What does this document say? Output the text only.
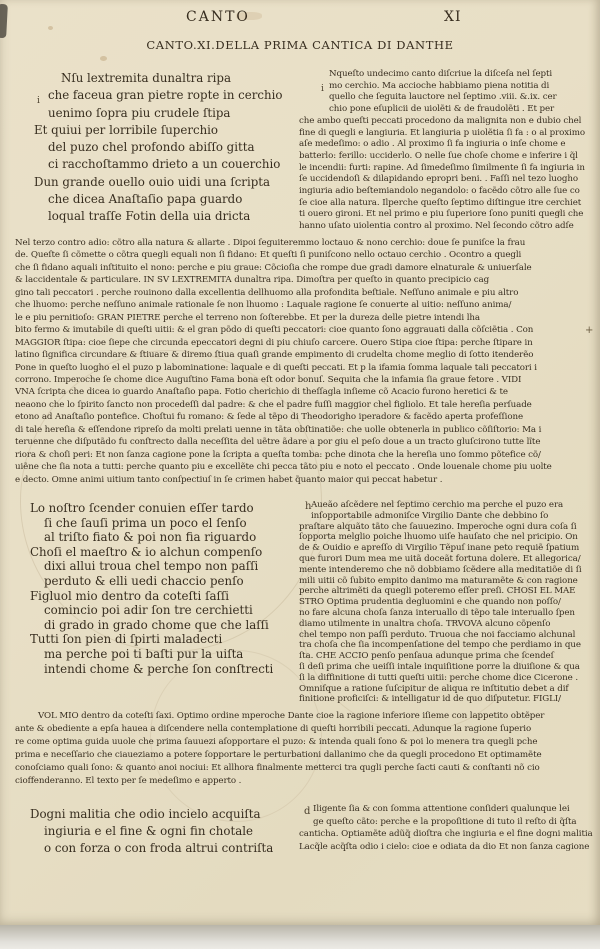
CANTO	XI
CANTO.XI.DELLA PRIMA CANTICA DI DANTHE
Nſu lextremita dunaltra ripa
che faceua gran pietre ropte in cerchio
uenimo ſopra piu crudele ſtipa
Et quiui per lorribile ſuperchio
del puzo chel profondo abiſſo gitta
ci racchoſtammo drieto a un couerchio
Dun grande ouello ouio uidi una ſcripta
che dicea Anaſtaſio papa guardo
loqual traſſe Fotin della uia dricta
Nqueſto undecimo canto diſcriue la diſceſa nel ſepti
mo cerchio. Ma accioche habbiamo piena notitia di
quello che ſeguita lauctore nel ſeptimo .viii. &.ix. cer
chio pone eſuplicii de uiolẽti & de fraudolẽti . Et per
che ambo queſti peccati procedono da malignita non e dubio chel
fine di quegli e langiuria. Et langiuria p uiolẽtia ſi fa : o al proximo
aſe medeſimo: o adio . Al proximo ſi fa ingiuria o inſe chome e
batterlo: ferillo: ucciderlo. O nelle ſue choſe chome e inferire i q̃l
le incendii: furti: rapine. Ad ſimedeſimo ſimilmente ſi fa ingiuria in
ſe uccidendoſi & dilapidando epropri beni. . Faſſi nel tezo luogho
ingiuria adio beſtemiandolo negandolo: o facẽdo cõtro alle ſue co
ſe cioe alla natura. Ilperche queſto ſeptimo diſtingue itre cerchiet
ti ouero gironi. Et nel primo e piu ſuperiore ſono puniti quegli che
hanno uſato uiolentia contro al proximo. Nel ſecondo cõtro adſe
Nel terzo contro adio: cõtro alla natura & allarte . Dipoi ſeguiteremmo loctauo & nono cerchio: doue ſe puniſce la frau
de. Queſte ſi cõmette o cõtra quegli equali non ſi fidano: Et queſti ſi puniſcono nello octauo cerchio . Ocontro a quegli
che ſi fidano aquali inſtituito el nono: perche e piu graue: Cõcioſia che rompe due gradi damore elnaturale & uniuerſale
& laccidentale & particulare. IN SV LEXTREMITA dunaltra ripa. Dimoſtra per queſto in quanto precipicio cag
gino tali peccatori . perche rouinono dalla excellentia dellhuomo alla profondita beſtiale. Neſſuno animale e piu altro
che lhuomo: perche neſſuno animale rationale ſe non lhuomo : Laquale ragione ſe conuerte al uitio: neſſuno anima/
le e piu pernitioſo: GRAN PIETRE perche el terreno non ſoſterebbe. Et per la dureza delle pietre intendi lha
bito fermo & imutabile di queſti uitii: & el gran põdo di queſti peccatori: cioe quanto ſono aggrauati dalla cõſciẽtia . Con
MAGGIOR ſtipa: cioe ſiepe che circunda epeccatori degni di piu chiuſo carcere. Ouero Stipa cioe ſtipa: perche ſtipare in
latino ſignifica circundare & ſtiuare & diremo ſtiua quaſi grande empimento di crudelta chome meglio di ſotto itenderẽo
Pone in queſto luogho el el puzo p labominatione: laquale e di queſti peccati. Et p la ifamia ſomma laquale tali peccatori i
corrono. Imperoche ſe chome dice Auguſtino Fama bona eſt odor bonuſ. Sequita che la infamia ſia graue fetore . VIDI
VNA ſcripta che dicea io guardo Anaſtaſio papa. Fotio cherichio di theſſagla inſieme cõ Acacio furono heretici & te
neaono che lo ſpirito ſancto non procedeſſi dal padre: & che el padre fuſſi maggior chel figliolo. Et tale hereſia perſuade
etono ad Anaſtaſio pontefice. Choſtui fu romano: & ſede al tẽpo di Theodorigho iperadore & facẽdo aperta profeſſione
di tale hereſia & eſſendone ripreſo da molti prelati uenne in tãta obſtinatiõe: che uolle obtenerla in publico cõſiſtorio: Ma i
teruenne che diſputãdo fu conſtrecto dalla neceſſita del uẽtre ãdare a por giu el peſo doue a un tracto gluſcirono tutte lĩte
riora & choſi peri: Et non ſanza cagione pone la ſcripta a queſta tomba: pche dinota che la hereſia uno ſommo põtefice cõ/
uiẽne che ſia nota a tutti: perche quanto piu e excellẽte chi pecca tãto piu e noto el peccato . Onde louenale chome piu uolte
e decto. Omne animi uitium tanto conſpectiuſ in ſe crimen habet q̃uanto maior qui peccat habetur .
Lo noſtro ſcender conuien eſſer tardo
ſi che ſauſi prima un poco el ſenſo
al triſto fiato & poi non fia riguardo
Choſi el maeſtro & io alchun compenſo
dixi allui troua chel tempo non paſſi
perduto & elli uedi chaccio penſo
Figluol mio dentro da coteſti ſaſſi
comincio poi adir ſon tre cerchietti
di grado in grado chome que che laſſi
Tutti ſon pien di ſpirti maladecti
ma perche poi ti baſti pur la uiſta
intendi chome & perche ſon conſtrecti
Aueão aſcẽdere nel ſeptimo cerchio ma perche el puzo era
inſopportabile admoniſce Virgilio Dante che debbino ſo
praſtare alquãto tãto che ſauuezino. Imperoche ogni dura coſa ſi
ſopporta melglio poiche lhuomo uiſe hauſato che nel pricipio. On
de & Ouidio e apreſſo di Virgilio Tẽpuſ inane peto requiẽ ſpatium
que furori Dum mea me uitã doceãt fortuna dolere. Et allegorica/
mente intenderemo che nõ dobbiamo ſcẽdere alla meditatiõe di ſi
mili uitii cõ ſubito empito danimo ma maturamẽte & con ragione
perche altrimẽti da quegli poteremo eſſer preſi. CHOSI EL MAE
STRO Optima prudentia degluomini e che quando non poſſo/
no fare alcuna choſa ſanza interuallo di tẽpo tale interuallo ſpen
diamo utilmente in unaltra choſa. TRVOVA alcuno cõpenſo
chel tempo non paſſi perduto. Truoua che noi facciamo alchunal
tra choſa che ſia incompenſatione del tempo che perdiamo in que
ſta. CHE ACCIO penſo penſaua adunque prima che ſcendeſ
ſi deſi prima che ueiſſi intale inquiſitione porre la diuiſione & qua
ſi la diffinitione di tutti queſti uitii: perche chome dice Cicerone .
Omniſque a ratione ſuſcipitur de aliqua re inſtitutio debet a dif
finitione proficiſci: & intelligatur id de quo diſputetur. FIGLI/
VOL MIO dentro da coteſti ſaxi. Optimo ordine mperoche Dante cioe la ragione inferiore iſieme con lappetito obtẽper
ante & obediente a epſa hauea a diſcendere nella contemplatione di queſti horribili peccati. Adunque la ragione ſuperio
re come optima guida uuole che prima ſauuezi aſopportare el puzo: & intenda quali ſono & poi lo menera tra quegli pche
prima e neceſſario che ciaueziamo a potere ſopportare le perturbationi dallanimo che da quegli procedono Et optimamẽte
conoſciamo quali ſono: & quanto anoi nociui: Et allhora finalmente metterci tra qugli perche ſacti cauti & conſtanti nõ cio
cioffenderanno. El texto per ſe medeſimo e apperto .
Dogni malitia che odio incielo acquiſta
ingiuria e el fine & ogni fin chotale
o con forza o con froda altrui contriſta
Iligente ſia & con ſomma attentione conſideri qualunque lei
ge queſto cãto: perche e la propoſitione di tuto il reſto di q̃ſta
canticha. Optiamẽte adũq̃ dioſtra che ingiuria e el fine dogni malitia
Lacq̃le acq̃ſta odio i cielo: cioe e odiata da dio Et non ſanza cagione
i
i
h
d
+
